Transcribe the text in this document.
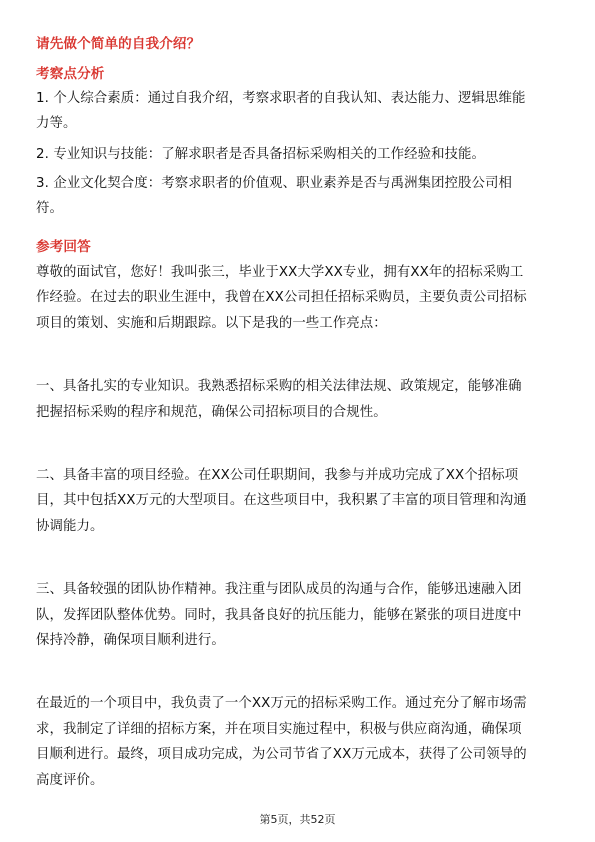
请先做个简单的自我介绍？
考察点分析
1. 个人综合素质：通过自我介绍，考察求职者的自我认知、表达能力、逻辑思维能
力等。
2. 专业知识与技能：了解求职者是否具备招标采购相关的工作经验和技能。
3. 企业文化契合度：考察求职者的价值观、职业素养是否与禹洲集团控股公司相
符。
参考回答
尊敬的面试官，您好！我叫张三，毕业于XX大学XX专业，拥有XX年的招标采购工
作经验。在过去的职业生涯中，我曾在XX公司担任招标采购员，主要负责公司招标
项目的策划、实施和后期跟踪。以下是我的一些工作亮点：
一、具备扎实的专业知识。我熟悉招标采购的相关法律法规、政策规定，能够准确
把握招标采购的程序和规范，确保公司招标项目的合规性。
二、具备丰富的项目经验。在XX公司任职期间，我参与并成功完成了XX个招标项
目，其中包括XX万元的大型项目。在这些项目中，我积累了丰富的项目管理和沟通
协调能力。
三、具备较强的团队协作精神。我注重与团队成员的沟通与合作，能够迅速融入团
队，发挥团队整体优势。同时，我具备良好的抗压能力，能够在紧张的项目进度中
保持冷静，确保项目顺利进行。
在最近的一个项目中，我负责了一个XX万元的招标采购工作。通过充分了解市场需
求，我制定了详细的招标方案，并在项目实施过程中，积极与供应商沟通，确保项
目顺利进行。最终，项目成功完成，为公司节省了XX万元成本，获得了公司领导的
高度评价。
第5页，共52页
